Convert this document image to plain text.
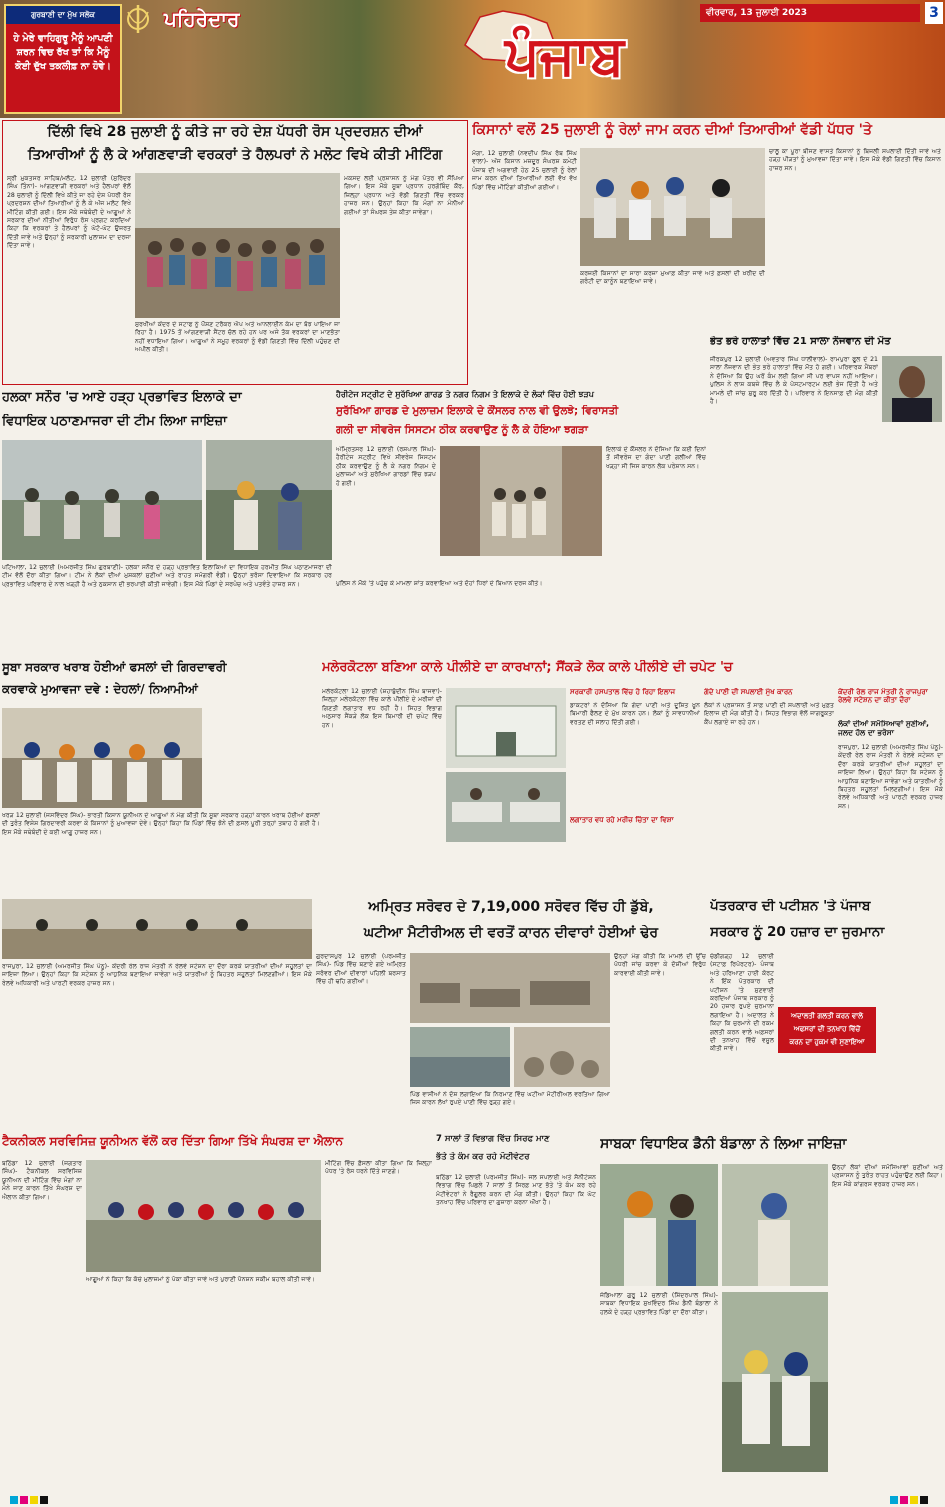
ਗੁਰਬਾਣੀ ਦਾ ਮੁੱਖ ਸਲੋਕ
ਹੇ ਮੇਰੇ ਵਾਹਿਗੁਰੂ ਮੈਨੂੰ ਆਪਣੀ ਸ਼ਰਨ ਵਿਚ ਰੱਖ ਤਾਂ ਕਿ ਮੈਨੂੰ ਕੋਈ ਦੁੱਖ ਤਕਲੀਫ਼ ਨਾ ਹੋਵੇ।
ਪਹਿਰੇਦਾਰ
ਪੰਜਾਬ
ਵੀਰਵਾਰ, 13 ਜੁਲਾਈ 2023	3
ਦਿੱਲੀ ਵਿਖੇ 28 ਜੁਲਾਈ ਨੂੰ ਕੀਤੇ ਜਾ ਰਹੇ ਦੇਸ਼ ਪੱਧਰੀ ਰੋਸ ਪ੍ਰਦਰਸ਼ਨ ਦੀਆਂ
ਤਿਆਰੀਆਂ ਨੂੰ ਲੈ ਕੇ ਆਂਗਣਵਾੜੀ ਵਰਕਰਾਂ ਤੇ ਹੈਲਪਰਾਂ ਨੇ ਮਲੋਟ ਵਿਖੇ ਕੀਤੀ ਮੀਟਿੰਗ
ਸ੍ਰੀ ਮੁਕਤਸਰ ਸਾਹਿਬ/ਮਲੋਟ, 12 ਜੁਲਾਈ (ਸੁਰਿੰਦਰ ਸਿੰਘ ਤਿੰਨਾ)- ਆਂਗਣਵਾੜੀ ਵਰਕਰਾਂ ਅਤੇ ਹੈਲਪਰਾਂ ਵੱਲੋਂ 28 ਜੁਲਾਈ ਨੂੰ ਦਿੱਲੀ ਵਿਖੇ ਕੀਤੇ ਜਾ ਰਹੇ ਦੇਸ਼ ਪੱਧਰੀ ਰੋਸ ਪ੍ਰਦਰਸ਼ਨ ਦੀਆਂ ਤਿਆਰੀਆਂ ਨੂੰ ਲੈ ਕੇ ਅੱਜ ਮਲੋਟ ਵਿਖੇ ਮੀਟਿੰਗ ਕੀਤੀ ਗਈ। ਇਸ ਮੌਕੇ ਜਥੇਬੰਦੀ ਦੇ ਆਗੂਆਂ ਨੇ ਸਰਕਾਰ ਦੀਆਂ ਨੀਤੀਆਂ ਵਿਰੁੱਧ ਰੋਸ ਪ੍ਰਗਟ ਕਰਦਿਆਂ ਕਿਹਾ ਕਿ ਵਰਕਰਾਂ ਤੇ ਹੈਲਪਰਾਂ ਨੂੰ ਘੱਟੋ-ਘੱਟ ਉਜਰਤ ਦਿੱਤੀ ਜਾਵੇ ਅਤੇ ਉਨ੍ਹਾਂ ਨੂੰ ਸਰਕਾਰੀ ਮੁਲਾਜ਼ਮ ਦਾ ਦਰਜਾ ਦਿੱਤਾ ਜਾਵੇ।
ਸੁਰਖੀਆਂ ਕੇਂਦਰ ਦੇ ਸਟਾਫ ਨੂੰ ਪੌਸ਼ਣ ਟਰੈਕਰ ਐਪ ਅਤੇ ਆਨਲਾਈਨ ਕੰਮ ਦਾ ਬੋਝ ਪਾਇਆ ਜਾ ਰਿਹਾ ਹੈ। 1975 ਤੋਂ ਆਂਗਣਵਾੜੀ ਸੈਂਟਰ ਚੱਲ ਰਹੇ ਹਨ ਪਰ ਅਜੇ ਤੱਕ ਵਰਕਰਾਂ ਦਾ ਮਾਣਭੱਤਾ ਨਹੀਂ ਵਧਾਇਆ ਗਿਆ। ਆਗੂਆਂ ਨੇ ਸਮੂਹ ਵਰਕਰਾਂ ਨੂੰ ਵੱਡੀ ਗਿਣਤੀ ਵਿੱਚ ਦਿੱਲੀ ਪਹੁੰਚਣ ਦੀ ਅਪੀਲ ਕੀਤੀ।
ਮਕਸਦ ਲਈ ਪ੍ਰਸ਼ਾਸਨ ਨੂੰ ਮੰਗ ਪੱਤਰ ਵੀ ਸੌਂਪਿਆ ਗਿਆ। ਇਸ ਮੌਕੇ ਸੂਬਾ ਪ੍ਰਧਾਨ ਹਰਗੋਬਿੰਦ ਕੌਰ, ਜ਼ਿਲ੍ਹਾ ਪ੍ਰਧਾਨ ਅਤੇ ਵੱਡੀ ਗਿਣਤੀ ਵਿੱਚ ਵਰਕਰ ਹਾਜ਼ਰ ਸਨ। ਉਨ੍ਹਾਂ ਕਿਹਾ ਕਿ ਮੰਗਾਂ ਨਾ ਮੰਨੀਆਂ ਗਈਆਂ ਤਾਂ ਸੰਘਰਸ਼ ਤੇਜ਼ ਕੀਤਾ ਜਾਵੇਗਾ।
ਕਿਸਾਨਾਂ ਵਲੋਂ 25 ਜੁਲਾਈ ਨੂੰ ਰੇਲਾਂ ਜਾਮ ਕਰਨ ਦੀਆਂ ਤਿਆਰੀਆਂ ਵੱਡੀ ਪੱਧਰ 'ਤੇ
ਮੋਗਾ, 12 ਜੁਲਾਈ (ਨਵਦੀਪ ਸਿੰਘ ਰੱਬ ਸਿੰਘ ਵਾਲਾ)- ਅੱਜ ਕਿਸਾਨ ਮਜ਼ਦੂਰ ਸੰਘਰਸ਼ ਕਮੇਟੀ ਪੰਜਾਬ ਦੀ ਅਗਵਾਈ ਹੇਠ 25 ਜੁਲਾਈ ਨੂੰ ਰੇਲਾਂ ਜਾਮ ਕਰਨ ਦੀਆਂ ਤਿਆਰੀਆਂ ਲਈ ਵੱਖ ਵੱਖ ਪਿੰਡਾਂ ਵਿੱਚ ਮੀਟਿੰਗਾਂ ਕੀਤੀਆਂ ਗਈਆਂ।
ਕਰਜ਼ਈ ਕਿਸਾਨਾਂ ਦਾ ਸਾਰਾ ਕਰਜ਼ਾ ਮੁਆਫ਼ ਕੀਤਾ ਜਾਵੇ ਅਤੇ ਫ਼ਸਲਾਂ ਦੀ ਖ਼ਰੀਦ ਦੀ ਗਰੰਟੀ ਦਾ ਕਾਨੂੰਨ ਬਣਾਇਆ ਜਾਵੇ।
ਚਾਲੂ ਕਾ ਪੂਰਾ ਬੀਜਣ ਵਾਸਤੇ ਕਿਸਾਨਾਂ ਨੂੰ ਬਿਜਲੀ ਸਪਲਾਈ ਦਿੱਤੀ ਜਾਵੇ ਅਤੇ ਹੜ੍ਹ ਪੀੜਤਾਂ ਨੂੰ ਮੁਆਵਜ਼ਾ ਦਿੱਤਾ ਜਾਵੇ। ਇਸ ਮੌਕੇ ਵੱਡੀ ਗਿਣਤੀ ਵਿੱਚ ਕਿਸਾਨ ਹਾਜ਼ਰ ਸਨ।
ਭੇਤ ਭਰੇ ਹਾਲਾਤਾਂ ਵਿੱਚ 21 ਸਾਲਾ ਨੌਜਵਾਨ ਦੀ ਮੌਤ
ਜੀਰਕਪੁਰ 12 ਜੁਲਾਈ (ਅਵਤਾਰ ਸਿੰਘ ਧਾਲੀਵਾਲ)- ਰਾਮਪੁਰਾ ਫੂਲ ਦੇ 21 ਸਾਲਾ ਨੌਜਵਾਨ ਦੀ ਭੇਤ ਭਰੇ ਹਾਲਾਤਾਂ ਵਿੱਚ ਮੌਤ ਹੋ ਗਈ। ਪਰਿਵਾਰਕ ਮੈਂਬਰਾਂ ਨੇ ਦੱਸਿਆ ਕਿ ਉਹ ਘਰੋਂ ਕੰਮ ਲਈ ਗਿਆ ਸੀ ਪਰ ਵਾਪਸ ਨਹੀਂ ਆਇਆ। ਪੁਲਿਸ ਨੇ ਲਾਸ਼ ਕਬਜ਼ੇ ਵਿੱਚ ਲੈ ਕੇ ਪੋਸਟਮਾਰਟਮ ਲਈ ਭੇਜ ਦਿੱਤੀ ਹੈ ਅਤੇ ਮਾਮਲੇ ਦੀ ਜਾਂਚ ਸ਼ੁਰੂ ਕਰ ਦਿੱਤੀ ਹੈ। ਪਰਿਵਾਰ ਨੇ ਇਨਸਾਫ਼ ਦੀ ਮੰਗ ਕੀਤੀ ਹੈ।
ਹਲਕਾ ਸਨੌਰ 'ਚ ਆਏ ਹੜ੍ਹ ਪ੍ਰਭਾਵਿਤ ਇਲਾਕੇ ਦਾ
ਵਿਧਾਇਕ ਪਠਾਣਮਾਜਰਾ ਦੀ ਟੀਮ ਲਿਆ ਜਾਇਜ਼ਾ
ਪਟਿਆਲਾ, 12 ਜੁਲਾਈ (ਅਮਰਜੀਤ ਸਿੰਘ ਗੁਰਬਾਣੀ)- ਹਲਕਾ ਸਨੌਰ ਦੇ ਹੜ੍ਹ ਪ੍ਰਭਾਵਿਤ ਇਲਾਕਿਆਂ ਦਾ ਵਿਧਾਇਕ ਹਰਮੀਤ ਸਿੰਘ ਪਠਾਣਮਾਜਰਾ ਦੀ ਟੀਮ ਵੱਲੋਂ ਦੌਰਾ ਕੀਤਾ ਗਿਆ। ਟੀਮ ਨੇ ਲੋਕਾਂ ਦੀਆਂ ਮੁਸ਼ਕਲਾਂ ਸੁਣੀਆਂ ਅਤੇ ਰਾਹਤ ਸਮੱਗਰੀ ਵੰਡੀ। ਉਨ੍ਹਾਂ ਭਰੋਸਾ ਦਿਵਾਇਆ ਕਿ ਸਰਕਾਰ ਹਰ ਪ੍ਰਭਾਵਿਤ ਪਰਿਵਾਰ ਦੇ ਨਾਲ ਖੜ੍ਹੀ ਹੈ ਅਤੇ ਨੁਕਸਾਨ ਦੀ ਭਰਪਾਈ ਕੀਤੀ ਜਾਵੇਗੀ। ਇਸ ਮੌਕੇ ਪਿੰਡਾਂ ਦੇ ਸਰਪੰਚ ਅਤੇ ਪਤਵੰਤੇ ਹਾਜ਼ਰ ਸਨ।
ਹੈਰੀਟੇਜ ਸਟ੍ਰੀਟ ਦੇ ਸੁਰੱਖਿਆ ਗਾਰਡ ਤੇ ਨਗਰ ਨਿਗਮ ਤੇ ਇਲਾਕੇ ਦੇ ਲੋਕਾਂ ਵਿੱਚ ਹੋਈ ਝੜਪ
ਸੁਰੱਖਿਆ ਗਾਰਡ ਦੇ ਮੁਲਾਜ਼ਮ ਇਲਾਕੇ ਦੇ ਕੌਂਸਲਰ ਨਾਲ ਵੀ ਉਲਝੇ; ਵਿਰਾਸਤੀ
ਗਲੀ ਦਾ ਸੀਵਰੇਜ ਸਿਸਟਮ ਠੀਕ ਕਰਵਾਉਣ ਨੂੰ ਲੈ ਕੇ ਹੋਇਆ ਝਗੜਾ
ਅੰਮ੍ਰਿਤਸਰ 12 ਜੁਲਾਈ (ਰਸ਼ਪਾਲ ਸਿੰਘ)- ਹੈਰੀਟੇਜ ਸਟ੍ਰੀਟ ਵਿਖੇ ਸੀਵਰੇਜ ਸਿਸਟਮ ਠੀਕ ਕਰਵਾਉਣ ਨੂੰ ਲੈ ਕੇ ਨਗਰ ਨਿਗਮ ਦੇ ਮੁਲਾਜ਼ਮਾਂ ਅਤੇ ਸੁਰੱਖਿਆ ਗਾਰਡਾਂ ਵਿੱਚ ਝੜਪ ਹੋ ਗਈ।
ਇਲਾਕੇ ਦੇ ਕੌਂਸਲਰ ਨੇ ਦੱਸਿਆ ਕਿ ਕਈ ਦਿਨਾਂ ਤੋਂ ਸੀਵਰੇਜ ਦਾ ਗੰਦਾ ਪਾਣੀ ਗਲੀਆਂ ਵਿੱਚ ਖੜ੍ਹਾ ਸੀ ਜਿਸ ਕਾਰਨ ਲੋਕ ਪਰੇਸ਼ਾਨ ਸਨ।
ਪੁਲਿਸ ਨੇ ਮੌਕੇ 'ਤੇ ਪਹੁੰਚ ਕੇ ਮਾਮਲਾ ਸ਼ਾਂਤ ਕਰਵਾਇਆ ਅਤੇ ਦੋਹਾਂ ਧਿਰਾਂ ਦੇ ਬਿਆਨ ਦਰਜ ਕੀਤੇ।
ਸੂਬਾ ਸਰਕਾਰ ਖਰਾਬ ਹੋਈਆਂ ਫਸਲਾਂ ਦੀ ਗਿਰਦਾਵਰੀ
ਕਰਵਾਕੇ ਮੁਆਵਜਾ ਦਵੇ : ਦੇਹਲਾਂ/ ਨਿਆਮੀਆਂ
ਖਰੜ 12 ਜੁਲਾਈ (ਜਸਵਿੰਦਰ ਸਿੰਘ)- ਭਾਰਤੀ ਕਿਸਾਨ ਯੂਨੀਅਨ ਦੇ ਆਗੂਆਂ ਨੇ ਮੰਗ ਕੀਤੀ ਕਿ ਸੂਬਾ ਸਰਕਾਰ ਹੜ੍ਹਾਂ ਕਾਰਨ ਖਰਾਬ ਹੋਈਆਂ ਫਸਲਾਂ ਦੀ ਤੁਰੰਤ ਵਿਸ਼ੇਸ਼ ਗਿਰਦਾਵਰੀ ਕਰਵਾ ਕੇ ਕਿਸਾਨਾਂ ਨੂੰ ਮੁਆਵਜ਼ਾ ਦੇਵੇ। ਉਨ੍ਹਾਂ ਕਿਹਾ ਕਿ ਪਿੰਡਾਂ ਵਿੱਚ ਝੋਨੇ ਦੀ ਫ਼ਸਲ ਪੂਰੀ ਤਰ੍ਹਾਂ ਤਬਾਹ ਹੋ ਗਈ ਹੈ। ਇਸ ਮੌਕੇ ਜਥੇਬੰਦੀ ਦੇ ਕਈ ਆਗੂ ਹਾਜ਼ਰ ਸਨ।
ਮਲੇਰਕੋਟਲਾ ਬਣਿਆ ਕਾਲੇ ਪੀਲੀਏ ਦਾ ਕਾਰਖਾਨਾਂ; ਸੈਂਕੜੇ ਲੋਕ ਕਾਲੇ ਪੀਲੀਏ ਦੀ ਚਪੇਟ 'ਚ
ਮਲੇਰਕੋਟਲਾ 12 ਜੁਲਾਈ (ਸ਼ਹਾਬੁੱਦੀਨ ਸਿੰਘ ਬਾਜਵਾ)- ਜ਼ਿਲ੍ਹਾ ਮਲੇਰਕੋਟਲਾ ਵਿੱਚ ਕਾਲੇ ਪੀਲੀਏ ਦੇ ਮਰੀਜ਼ਾਂ ਦੀ ਗਿਣਤੀ ਲਗਾਤਾਰ ਵਧ ਰਹੀ ਹੈ। ਸਿਹਤ ਵਿਭਾਗ ਅਨੁਸਾਰ ਸੈਂਕੜੇ ਲੋਕ ਇਸ ਬਿਮਾਰੀ ਦੀ ਚਪੇਟ ਵਿੱਚ ਹਨ।
ਸਰਕਾਰੀ ਹਸਪਤਾਲ ਵਿੱਚ ਹੋ ਰਿਹਾ ਇਲਾਜ
ਡਾਕਟਰਾਂ ਨੇ ਦੱਸਿਆ ਕਿ ਗੰਦਾ ਪਾਣੀ ਅਤੇ ਦੂਸ਼ਿਤ ਖ਼ੂਨ ਬਿਮਾਰੀ ਫੈਲਣ ਦੇ ਮੁੱਖ ਕਾਰਨ ਹਨ। ਲੋਕਾਂ ਨੂੰ ਸਾਵਧਾਨੀਆਂ ਵਰਤਣ ਦੀ ਸਲਾਹ ਦਿੱਤੀ ਗਈ।
ਲਗਾਤਾਰ ਵਧ ਰਹੇ ਮਰੀਜ਼ ਚਿੰਤਾ ਦਾ ਵਿਸ਼ਾ
ਗੰਦੇ ਪਾਣੀ ਦੀ ਸਪਲਾਈ ਮੁੱਖ ਕਾਰਨ
ਲੋਕਾਂ ਨੇ ਪ੍ਰਸ਼ਾਸਨ ਤੋਂ ਸਾਫ਼ ਪਾਣੀ ਦੀ ਸਪਲਾਈ ਅਤੇ ਮੁਫ਼ਤ ਇਲਾਜ ਦੀ ਮੰਗ ਕੀਤੀ ਹੈ। ਸਿਹਤ ਵਿਭਾਗ ਵੱਲੋਂ ਜਾਗਰੂਕਤਾ ਕੈਂਪ ਲਗਾਏ ਜਾ ਰਹੇ ਹਨ।
ਕੇਂਦਰੀ ਰੇਲ ਰਾਜ ਮੰਤਰੀ ਨੇ ਰਾਜਪੁਰਾ ਰੇਲਵੇ ਸਟੇਸ਼ਨ ਦਾ ਕੀਤਾ ਦੌਰਾ
ਲੋਕਾਂ ਦੀਆਂ ਸਮੱਸਿਆਵਾਂ ਸੁਣੀਆਂ, ਜਲਦ ਹੱਲ ਦਾ ਭਰੋਸਾ
ਰਾਜਪੁਰਾ, 12 ਜੁਲਾਈ (ਅਮਰਜੀਤ ਸਿੰਘ ਪੰਨੂ)- ਕੇਂਦਰੀ ਰੇਲ ਰਾਜ ਮੰਤਰੀ ਨੇ ਰੇਲਵੇ ਸਟੇਸ਼ਨ ਦਾ ਦੌਰਾ ਕਰਕੇ ਯਾਤਰੀਆਂ ਦੀਆਂ ਸਹੂਲਤਾਂ ਦਾ ਜਾਇਜ਼ਾ ਲਿਆ। ਉਨ੍ਹਾਂ ਕਿਹਾ ਕਿ ਸਟੇਸ਼ਨ ਨੂੰ ਆਧੁਨਿਕ ਬਣਾਇਆ ਜਾਵੇਗਾ ਅਤੇ ਯਾਤਰੀਆਂ ਨੂੰ ਬਿਹਤਰ ਸਹੂਲਤਾਂ ਮਿਲਣਗੀਆਂ। ਇਸ ਮੌਕੇ ਰੇਲਵੇ ਅਧਿਕਾਰੀ ਅਤੇ ਪਾਰਟੀ ਵਰਕਰ ਹਾਜ਼ਰ ਸਨ।
ਰਾਜਪੁਰਾ, 12 ਜੁਲਾਈ (ਅਮਰਜੀਤ ਸਿੰਘ ਪੰਨੂ)- ਕੇਂਦਰੀ ਰੇਲ ਰਾਜ ਮੰਤਰੀ ਨੇ ਰੇਲਵੇ ਸਟੇਸ਼ਨ ਦਾ ਦੌਰਾ ਕਰਕੇ ਯਾਤਰੀਆਂ ਦੀਆਂ ਸਹੂਲਤਾਂ ਦਾ ਜਾਇਜ਼ਾ ਲਿਆ। ਉਨ੍ਹਾਂ ਕਿਹਾ ਕਿ ਸਟੇਸ਼ਨ ਨੂੰ ਆਧੁਨਿਕ ਬਣਾਇਆ ਜਾਵੇਗਾ ਅਤੇ ਯਾਤਰੀਆਂ ਨੂੰ ਬਿਹਤਰ ਸਹੂਲਤਾਂ ਮਿਲਣਗੀਆਂ। ਇਸ ਮੌਕੇ ਰੇਲਵੇ ਅਧਿਕਾਰੀ ਅਤੇ ਪਾਰਟੀ ਵਰਕਰ ਹਾਜ਼ਰ ਸਨ।
ਅਮ੍ਰਿਤ ਸਰੋਵਰ ਦੇ 7,19,000 ਸਰੋਵਰ ਵਿੱਚ ਹੀ ਡੁੱਬੇ,
ਘਟੀਆ ਮੈਟੀਰੀਅਲ ਦੀ ਵਰਤੋਂ ਕਾਰਨ ਦੀਵਾਰਾਂ ਹੋਈਆਂ ਢੇਰ
ਗੁਰਦਾਸਪੁਰ 12 ਜੁਲਾਈ (ਪਰਮਜੀਤ ਸਿੰਘ)- ਪਿੰਡ ਵਿੱਚ ਬਣਾਏ ਗਏ ਅਮ੍ਰਿਤ ਸਰੋਵਰ ਦੀਆਂ ਦੀਵਾਰਾਂ ਪਹਿਲੀ ਬਰਸਾਤ ਵਿੱਚ ਹੀ ਢਹਿ ਗਈਆਂ।
ਪਿੰਡ ਵਾਸੀਆਂ ਨੇ ਦੋਸ਼ ਲਗਾਇਆ ਕਿ ਨਿਰਮਾਣ ਵਿੱਚ ਘਟੀਆ ਮੈਟੀਰੀਅਲ ਵਰਤਿਆ ਗਿਆ ਜਿਸ ਕਾਰਨ ਲੱਖਾਂ ਰੁਪਏ ਪਾਣੀ ਵਿੱਚ ਰੁੜ੍ਹ ਗਏ।
ਉਨ੍ਹਾਂ ਮੰਗ ਕੀਤੀ ਕਿ ਮਾਮਲੇ ਦੀ ਉੱਚ ਪੱਧਰੀ ਜਾਂਚ ਕਰਵਾ ਕੇ ਦੋਸ਼ੀਆਂ ਵਿਰੁੱਧ ਕਾਰਵਾਈ ਕੀਤੀ ਜਾਵੇ।
ਪੱਤਰਕਾਰ ਦੀ ਪਟੀਸ਼ਨ 'ਤੇ ਪੰਜਾਬ
ਸਰਕਾਰ ਨੂੰ 20 ਹਜ਼ਾਰ ਦਾ ਜੁਰਮਾਨਾ
ਅਦਾਲਤੀ ਗਲਤੀ ਕਰਨ ਵਾਲੇ
ਅਫਸਰਾਂ ਦੀ ਤਨਖਾਹ ਵਿੱਚੋਂ
ਕਰਨ ਦਾ ਹੁਕਮ ਵੀ ਸੁਣਾਇਆ
ਚੰਡੀਗੜ੍ਹ 12 ਜੁਲਾਈ (ਸਟਾਫ਼ ਰਿਪੋਰਟਰ)- ਪੰਜਾਬ ਅਤੇ ਹਰਿਆਣਾ ਹਾਈ ਕੋਰਟ ਨੇ ਇੱਕ ਪੱਤਰਕਾਰ ਦੀ ਪਟੀਸ਼ਨ 'ਤੇ ਸੁਣਵਾਈ ਕਰਦਿਆਂ ਪੰਜਾਬ ਸਰਕਾਰ ਨੂੰ 20 ਹਜ਼ਾਰ ਰੁਪਏ ਜੁਰਮਾਨਾ ਲਗਾਇਆ ਹੈ। ਅਦਾਲਤ ਨੇ ਕਿਹਾ ਕਿ ਜੁਰਮਾਨੇ ਦੀ ਰਕਮ ਗਲਤੀ ਕਰਨ ਵਾਲੇ ਅਫ਼ਸਰਾਂ ਦੀ ਤਨਖਾਹ ਵਿੱਚੋਂ ਵਸੂਲ ਕੀਤੀ ਜਾਵੇ।
ਟੈਕਨੀਕਲ ਸਰਵਿਸਿਜ਼ ਯੂਨੀਅਨ ਵੱਲੋਂ ਕਰ ਦਿੱਤਾ ਗਿਆ ਤਿੱਖੇ ਸੰਘਰਸ਼ ਦਾ ਐਲਾਨ
ਬਠਿੰਡਾ 12 ਜੁਲਾਈ (ਜਗਤਾਰ ਸਿੰਘ)- ਟੈਕਨੀਕਲ ਸਰਵਿਸਿਜ਼ ਯੂਨੀਅਨ ਦੀ ਮੀਟਿੰਗ ਵਿੱਚ ਮੰਗਾਂ ਨਾ ਮੰਨੇ ਜਾਣ ਕਾਰਨ ਤਿੱਖੇ ਸੰਘਰਸ਼ ਦਾ ਐਲਾਨ ਕੀਤਾ ਗਿਆ।
ਆਗੂਆਂ ਨੇ ਕਿਹਾ ਕਿ ਕੱਚੇ ਮੁਲਾਜ਼ਮਾਂ ਨੂੰ ਪੱਕਾ ਕੀਤਾ ਜਾਵੇ ਅਤੇ ਪੁਰਾਣੀ ਪੈਨਸ਼ਨ ਸਕੀਮ ਬਹਾਲ ਕੀਤੀ ਜਾਵੇ।
ਮੀਟਿੰਗ ਵਿੱਚ ਫ਼ੈਸਲਾ ਕੀਤਾ ਗਿਆ ਕਿ ਜ਼ਿਲ੍ਹਾ ਪੱਧਰ 'ਤੇ ਰੋਸ ਧਰਨੇ ਦਿੱਤੇ ਜਾਣਗੇ।
7 ਸਾਲਾਂ ਤੋਂ ਵਿਭਾਗ ਵਿੱਚ ਸਿਰਫ ਮਾਣ
ਭੱਤੇ ਤੇ ਕੰਮ ਕਰ ਰਹੇ ਮੋਟੀਵੇਟਰ
ਬਠਿੰਡਾ 12 ਜੁਲਾਈ (ਪਰਮਜੀਤ ਸਿੰਘ)- ਜਲ ਸਪਲਾਈ ਅਤੇ ਸੈਨੀਟੇਸ਼ਨ ਵਿਭਾਗ ਵਿੱਚ ਪਿਛਲੇ 7 ਸਾਲਾਂ ਤੋਂ ਸਿਰਫ਼ ਮਾਣ ਭੱਤੇ 'ਤੇ ਕੰਮ ਕਰ ਰਹੇ ਮੋਟੀਵੇਟਰਾਂ ਨੇ ਰੈਗੂਲਰ ਕਰਨ ਦੀ ਮੰਗ ਕੀਤੀ। ਉਨ੍ਹਾਂ ਕਿਹਾ ਕਿ ਘੱਟ ਤਨਖਾਹ ਵਿੱਚ ਪਰਿਵਾਰ ਦਾ ਗੁਜ਼ਾਰਾ ਕਰਨਾ ਔਖਾ ਹੈ।
ਸਾਬਕਾ ਵਿਧਾਇਕ ਡੈਨੀ ਬੰਡਾਲਾ ਨੇ ਲਿਆ ਜਾਇਜ਼ਾ
ਜੰਡਿਆਲਾ ਗੁਰੂ 12 ਜੁਲਾਈ (ਸ਼ਿੰਦਰਪਾਲ ਸਿੰਘ)- ਸਾਬਕਾ ਵਿਧਾਇਕ ਸੁਖਵਿੰਦਰ ਸਿੰਘ ਡੈਨੀ ਬੰਡਾਲਾ ਨੇ ਹਲਕੇ ਦੇ ਹੜ੍ਹ ਪ੍ਰਭਾਵਿਤ ਪਿੰਡਾਂ ਦਾ ਦੌਰਾ ਕੀਤਾ।
ਉਨ੍ਹਾਂ ਲੋਕਾਂ ਦੀਆਂ ਸਮੱਸਿਆਵਾਂ ਸੁਣੀਆਂ ਅਤੇ ਪ੍ਰਸ਼ਾਸਨ ਨੂੰ ਤੁਰੰਤ ਰਾਹਤ ਪਹੁੰਚਾਉਣ ਲਈ ਕਿਹਾ। ਇਸ ਮੌਕੇ ਕਾਂਗਰਸ ਵਰਕਰ ਹਾਜ਼ਰ ਸਨ।
